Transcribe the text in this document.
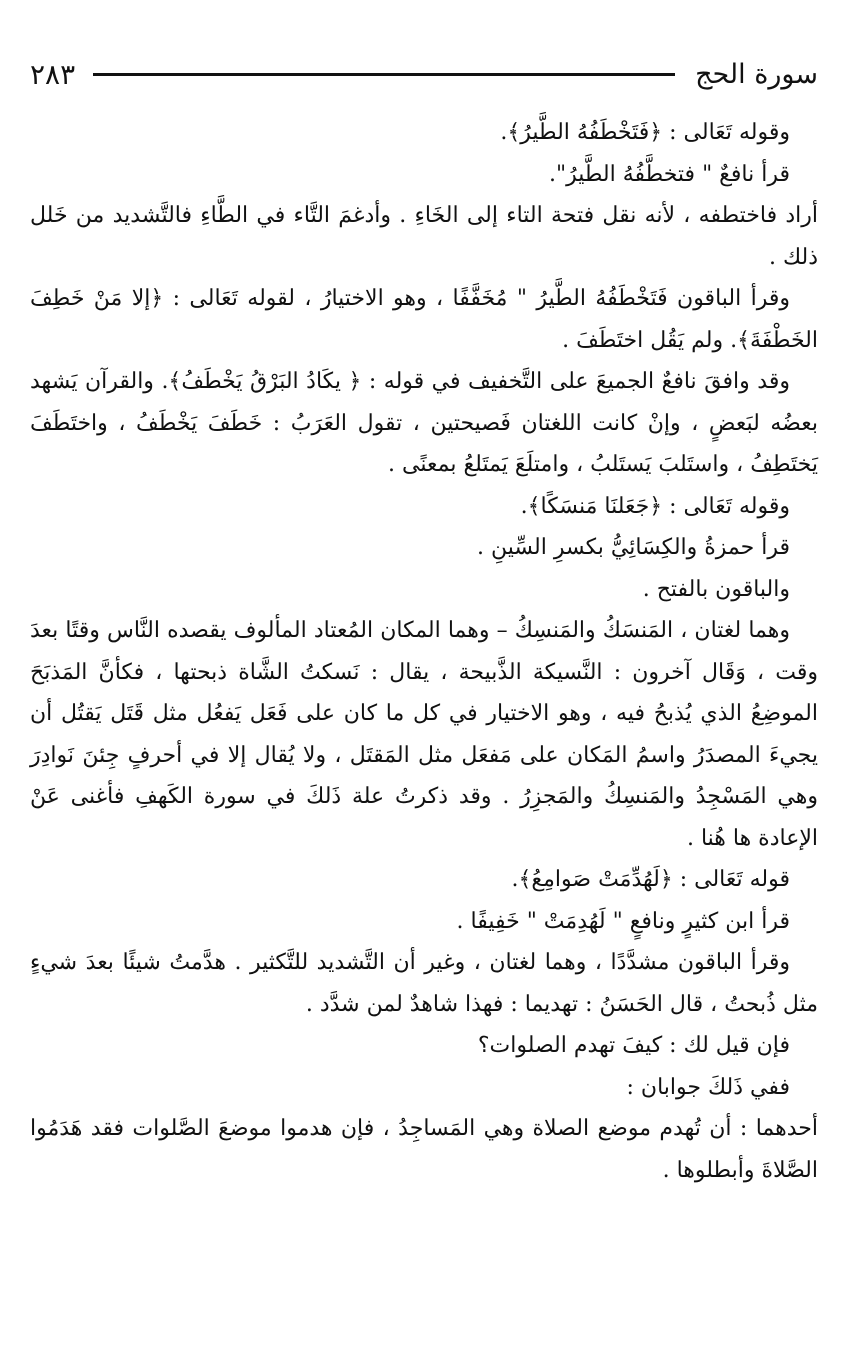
سورة الحج
٢٨٣

وقوله تَعَالى : ﴿فَتَخْطَفُهُ الطَّيرُ﴾.

قرأ نافعٌ " فتخطَّفُهُ الطَّيرُ".

أراد فاختطفه ، لأنه نقل فتحة التاء إلى الخَاءِ . وأدغمَ التَّاء في الطَّاءِ فالتَّشديد من خَلل ذلك .

وقرأ الباقون فَتَخْطَفُهُ الطَّيرُ " مُخَفَّفًا ، وهو الاختيارُ ، لقوله تَعَالى : ﴿إلا مَنْ خَطِفَ الخَطْفَةَ﴾. ولم يَقُل اختَطَفَ .

وقد وافقَ نافعٌ الجميعَ على التَّخفيف في قوله : ﴿ يكَادُ البَرْقُ يَخْطَفُ﴾. والقرآن يَشهد بعضُه لبَعضٍ ، وإنْ كانت اللغتان فَصيحتين ، تقول العَرَبُ : خَطَفَ يَخْطَفُ ، واختَطَفَ يَختَطِفُ ، واستَلبَ يَستَلبُ ، وامتلَعَ يَمتَلعُ بمعنًى .

وقوله تَعَالى : ﴿جَعَلنَا مَنسَكًا﴾.

قرأ حمزةُ والكِسَائِيُّ بكسرِ السِّينِ .

والباقون بالفتح .

وهما لغتان ، المَنسَكُ والمَنسِكُ – وهما المكان المُعتاد المألوف يقصده النَّاس وقتًا بعدَ وقت ، وَقَال آخرون : النَّسيكة الذَّبيحة ، يقال : نَسكتُ الشَّاة ذبحتها ، فكأنَّ المَذبَحَ الموضِعُ الذي يُذبحُ فيه ، وهو الاختيار في كل ما كان على فَعَل يَفعُل مثل قَتَل يَقتُل أن يجيءَ المصدَرُ واسمُ المَكان على مَفعَل مثل المَقتَل ، ولا يُقال إلا في أحرفٍ جِئنَ نَوادِرَ وهي المَسْجِدُ والمَنسِكُ والمَجزِرُ . وقد ذكرتُ علة ذَلكَ في سورة الكَهفِ فأغنى عَنْ الإعادة ها هُنا .

قوله تَعَالى : ﴿لَهُدِّمَتْ صَوامِعُ﴾.

قرأ ابن كثيرٍ ونافعٍ " لَهُدِمَتْ " خَفِيفًا .

وقرأ الباقون مشدَّدًا ، وهما لغتان ، وغير أن التَّشديد للتَّكثير . هدَّمتُ شيئًا بعدَ شيءٍ مثل ذُبحتُ ، قال الحَسَنُ : تهديما : فهذا شاهدٌ لمن شدَّد .

فإن قيل لك : كيفَ تهدم الصلوات؟

ففي ذَلكَ جوابان :

أحدهما : أن تُهدم موضع الصلاة وهي المَساجِدُ ، فإن هدموا موضعَ الصَّلوات فقد هَدَمُوا الصَّلاةَ وأبطلوها .
